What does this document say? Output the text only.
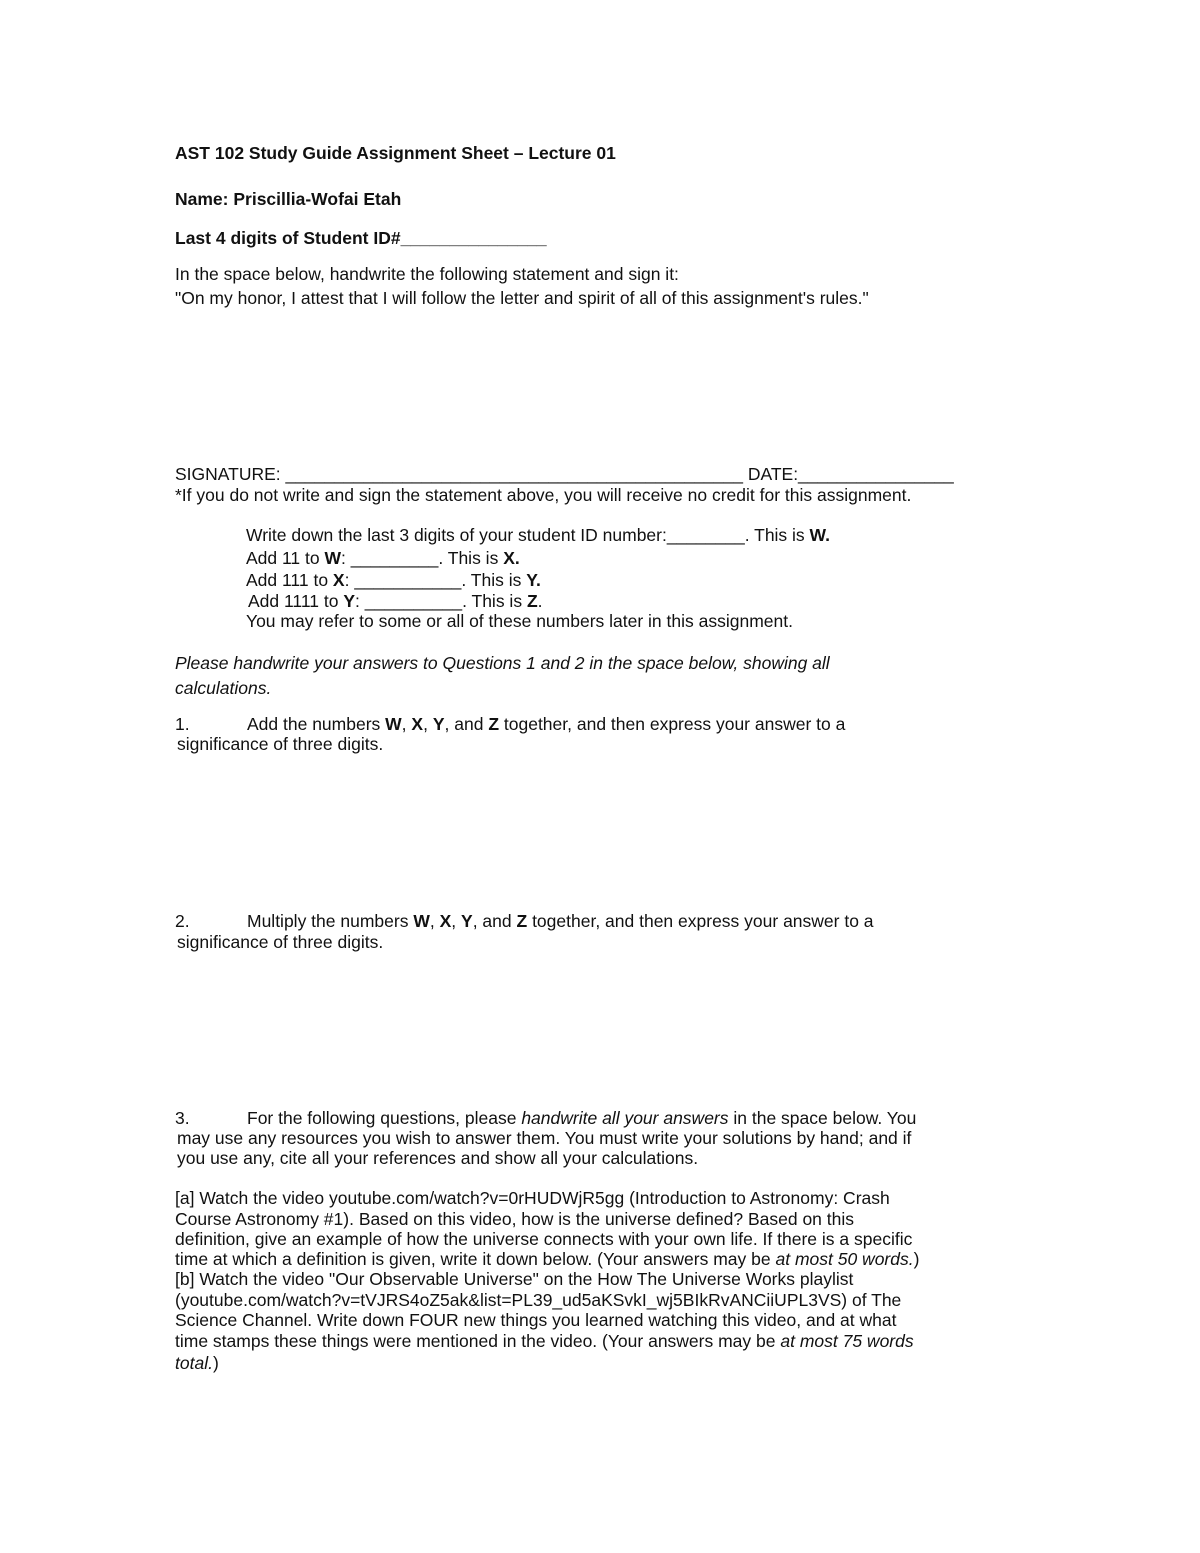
AST 102 Study Guide Assignment Sheet – Lecture 01
Name: Priscillia-Wofai Etah
Last 4 digits of Student ID#_______________
In the space below, handwrite the following statement and sign it:
"On my honor, I attest that I will follow the letter and spirit of all of this assignment's rules."
SIGNATURE: _______________________________________________ DATE:________________
*If you do not write and sign the statement above, you will receive no credit for this assignment.
Write down the last 3 digits of your student ID number:________. This is W.
Add 11 to W: _________. This is X.
Add 111 to X: ___________. This is Y.
Add 1111 to Y: __________. This is Z.
You may refer to some or all of these numbers later in this assignment.
Please handwrite your answers to Questions 1 and 2 in the space below, showing all
calculations.
1.	Add the numbers W, X, Y, and Z together, and then express your answer to a
significance of three digits.
2.	Multiply the numbers W, X, Y, and Z together, and then express your answer to a
significance of three digits.
3.	For the following questions, please handwrite all your answers in the space below. You
may use any resources you wish to answer them. You must write your solutions by hand; and if
you use any, cite all your references and show all your calculations.
[a] Watch the video youtube.com/watch?v=0rHUDWjR5gg (Introduction to Astronomy: Crash
Course Astronomy #1). Based on this video, how is the universe defined? Based on this
definition, give an example of how the universe connects with your own life. If there is a specific
time at which a definition is given, write it down below. (Your answers may be at most 50 words.)
[b] Watch the video "Our Observable Universe" on the How The Universe Works playlist
(youtube.com/watch?v=tVJRS4oZ5ak&list=PL39_ud5aKSvkI_wj5BIkRvANCiiUPL3VS) of The
Science Channel. Write down FOUR new things you learned watching this video, and at what
time stamps these things were mentioned in the video. (Your answers may be at most 75 words
total.)
